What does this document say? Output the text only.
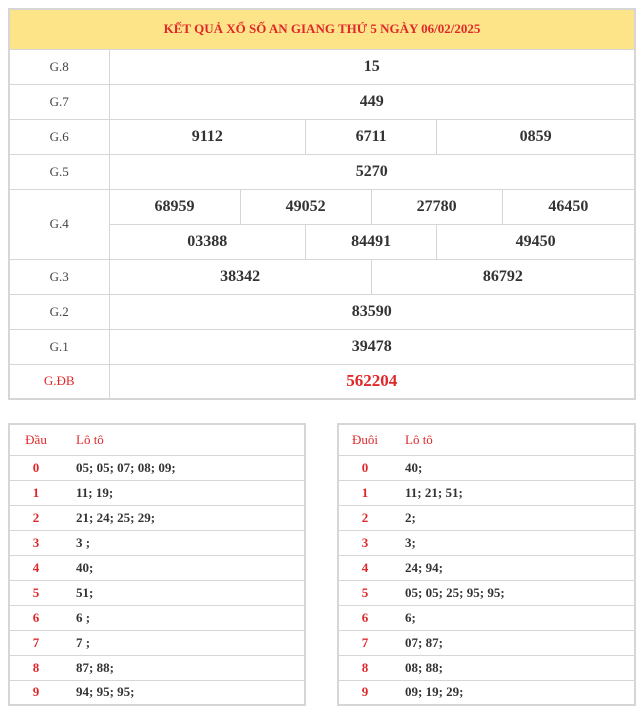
KẾT QUẢ XỔ SỐ AN GIANG THỨ 5 NGÀY 06/02/2025						
G.8	15					
G.7	449					
G.6	9112		6711		0859	
G.5	5270					
G.4	68959	49052		27780		46450
	03388		84491		49450	
G.3	38342			86792		
G.2	83590					
G.1	39478					
G.ĐB	562204					
Đầu	Lô tô
0	05; 05; 07; 08; 09;
1	11; 19;
2	21; 24; 25; 29;
3	3 ;
4	40;
5	51;
6	6 ;
7	7 ;
8	87; 88;
9	94; 95; 95;
Đuôi	Lô tô
0	40;
1	11; 21; 51;
2	2;
3	3;
4	24; 94;
5	05; 05; 25; 95; 95;
6	6;
7	07; 87;
8	08; 88;
9	09; 19; 29;
